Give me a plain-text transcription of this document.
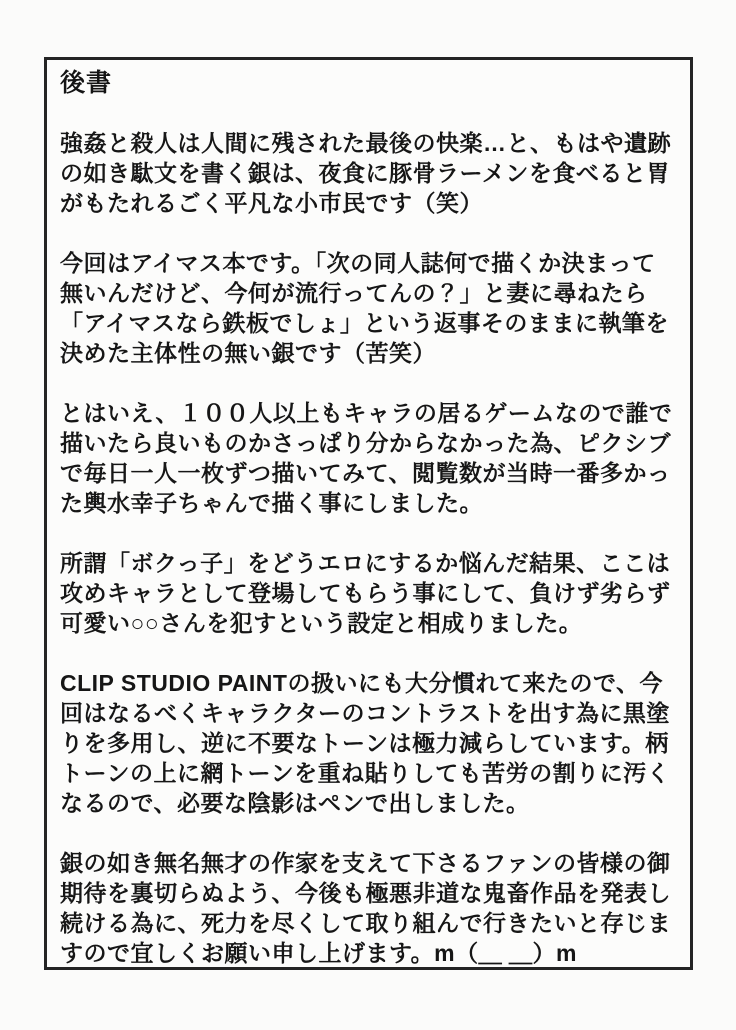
後書

強姦と殺人は人間に残された最後の快楽…と、もはや遺跡の如き駄文を書く銀は、夜食に豚骨ラーメンを食べると胃がもたれるごく平凡な小市民です（笑）

今回はアイマス本です。「次の同人誌何で描くか決まって無いんだけど、今何が流行ってんの？」と妻に尋ねたら「アイマスなら鉄板でしょ」という返事そのままに執筆を決めた主体性の無い銀です（苦笑）

とはいえ、１００人以上もキャラの居るゲームなので誰で描いたら良いものかさっぱり分からなかった為、ピクシブで毎日一人一枚ずつ描いてみて、閲覧数が当時一番多かった輿水幸子ちゃんで描く事にしました。

所謂「ボクっ子」をどうエロにするか悩んだ結果、ここは攻めキャラとして登場してもらう事にして、負けず劣らず可愛い○○さんを犯すという設定と相成りました。

CLIP STUDIO PAINTの扱いにも大分慣れて来たので、今回はなるべくキャラクターのコントラストを出す為に黒塗りを多用し、逆に不要なトーンは極力減らしています。柄トーンの上に網トーンを重ね貼りしても苦労の割りに汚くなるので、必要な陰影はペンで出しました。

銀の如き無名無才の作家を支えて下さるファンの皆様の御期待を裏切らぬよう、今後も極悪非道な鬼畜作品を発表し続ける為に、死力を尽くして取り組んで行きたいと存じますので宜しくお願い申し上げます。m（＿ ＿）m
